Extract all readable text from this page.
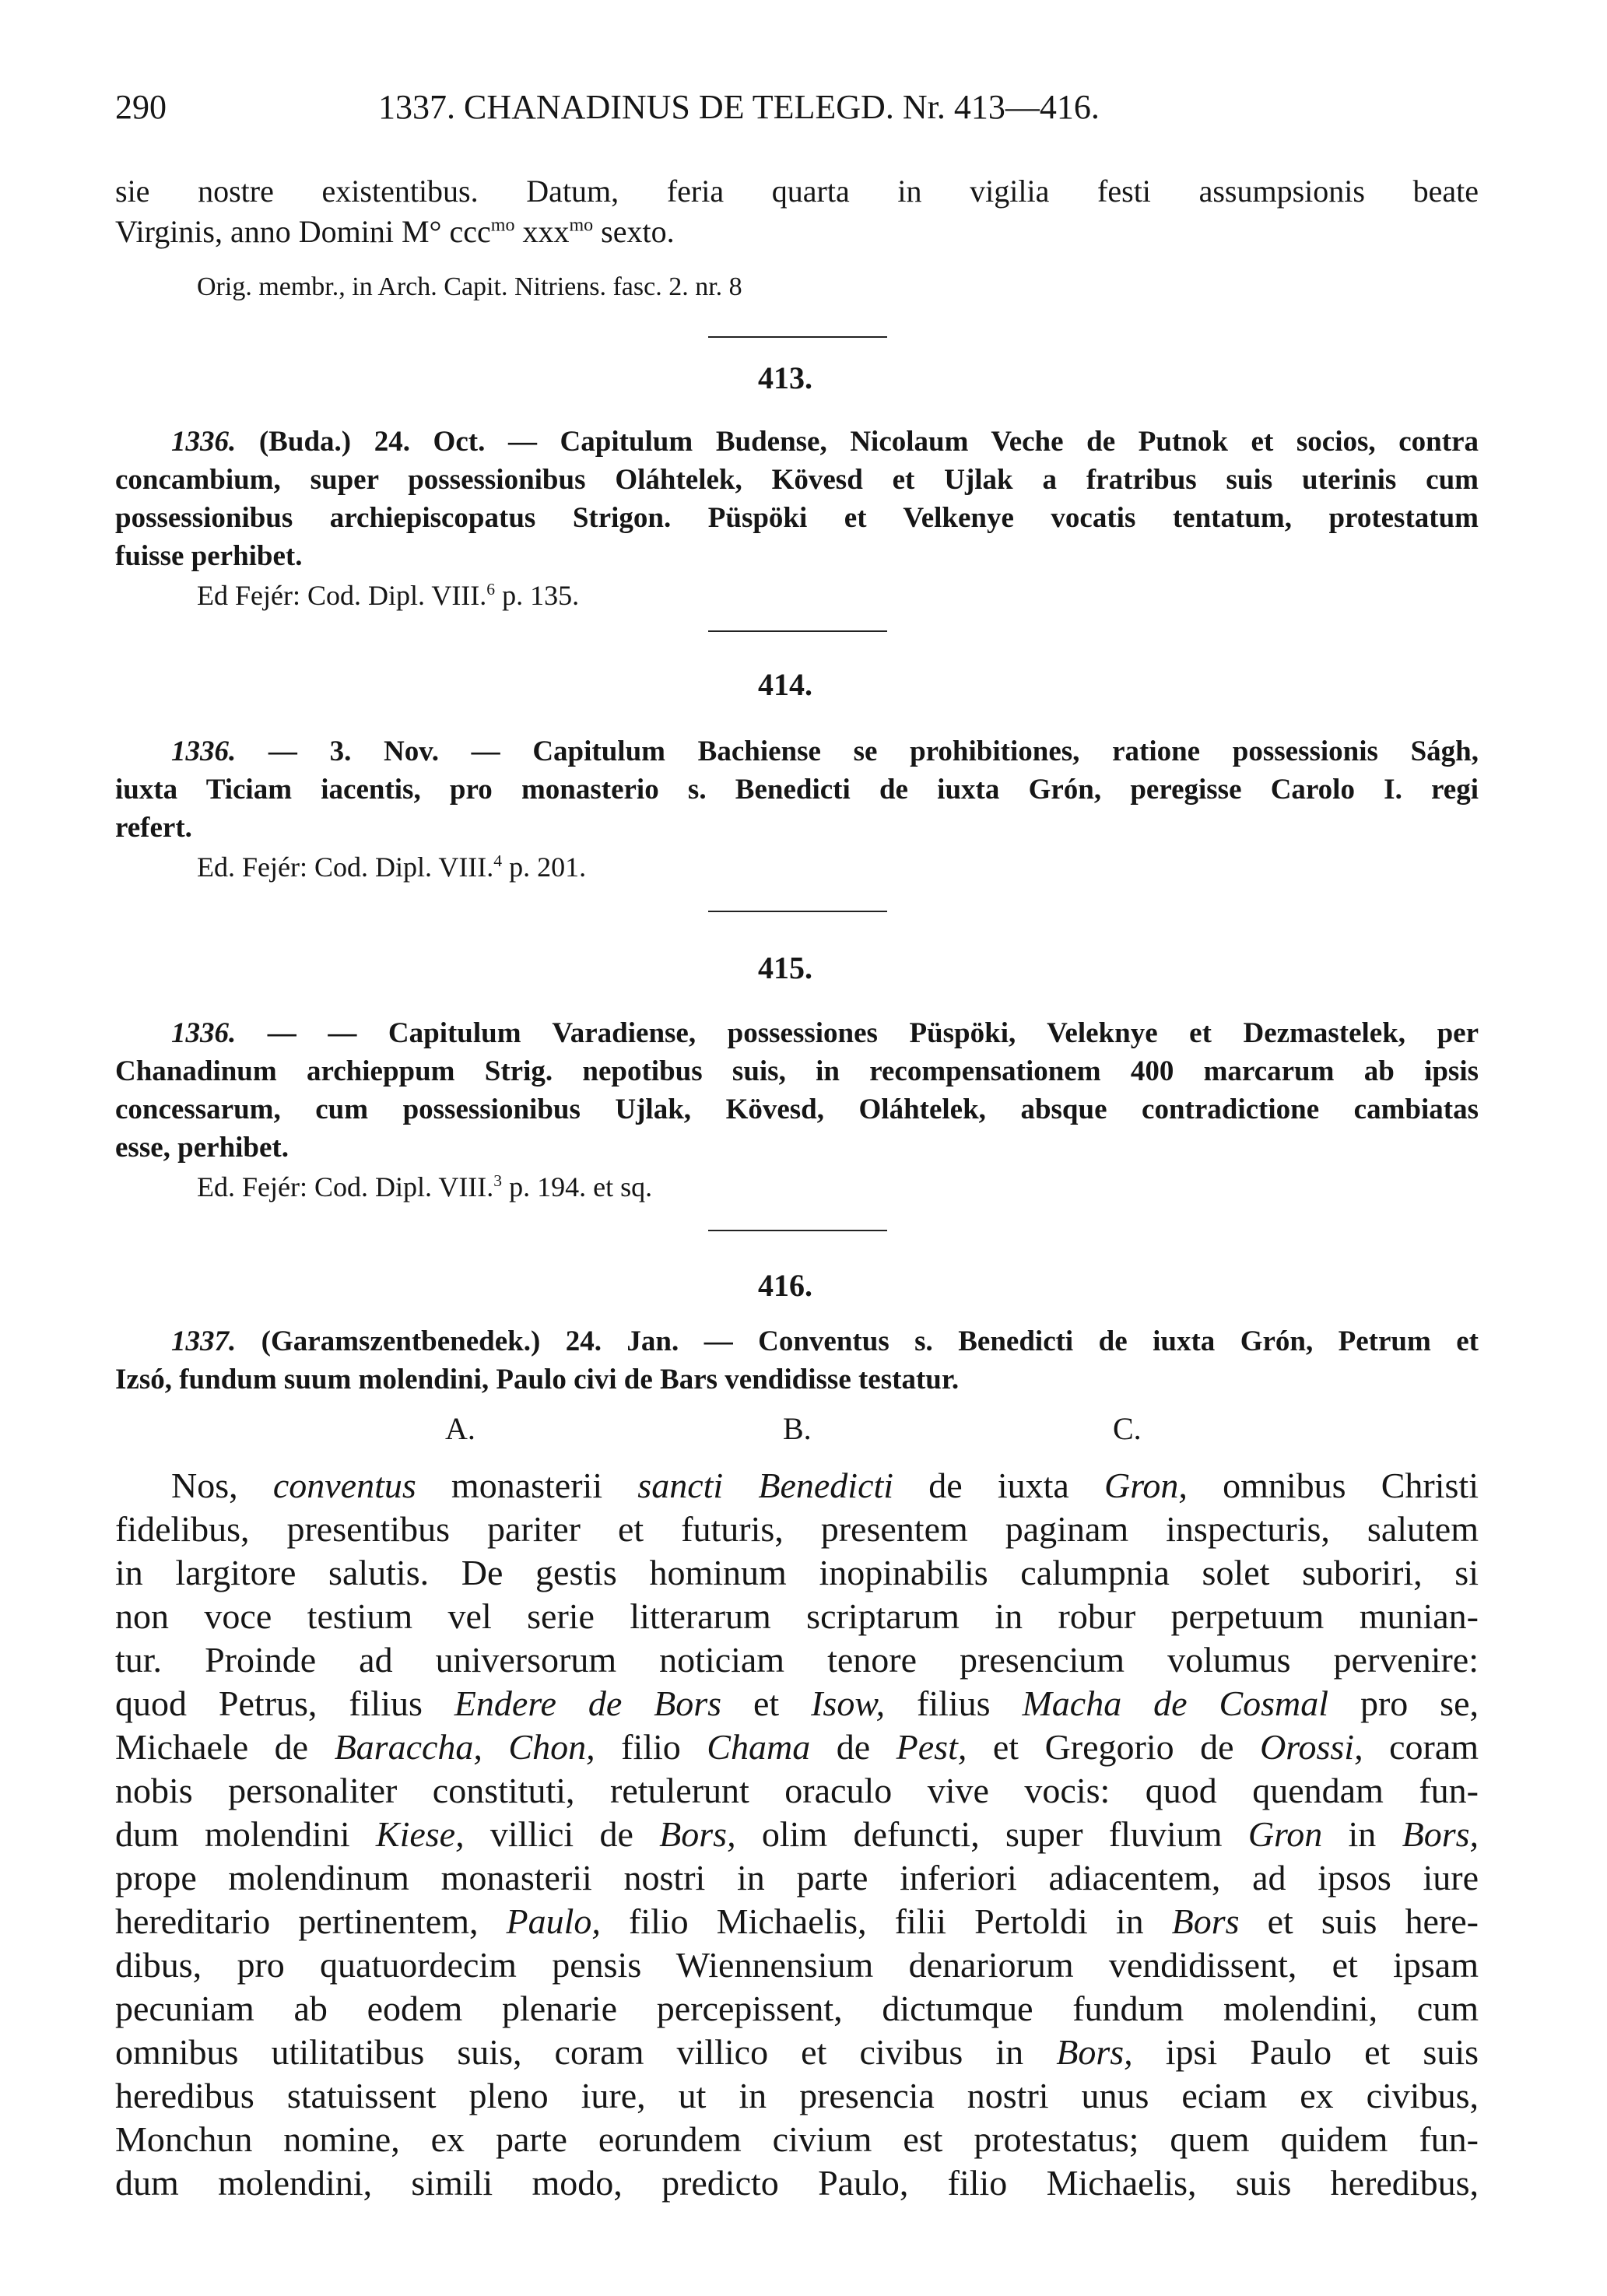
290	1337. CHANADINUS DE TELEGD. Nr. 413—416.
sie nostre existentibus. Datum, feria quarta in vigilia festi assumpsionis beate
Virginis, anno Domini M° ccc$^{mo}$ xxx$^{mo}$ sexto.
Orig. membr., in Arch. Capit. Nitriens. fasc. 2. nr. 8
413.
1336. (Buda.) 24. Oct. — Capitulum Budense, Nicolaum Veche de Putnok et socios, contra
concambium, super possessionibus Oláhtelek, Kövesd et Ujlak a fratribus suis uterinis cum
possessionibus archiepiscopatus Strigon. Püspöki et Velkenye vocatis tentatum, protestatum
fuisse perhibet.
Ed Fejér: Cod. Dipl. VIII.$^6$ p. 135.
414.
1336. — 3. Nov. — Capitulum Bachiense se prohibitiones, ratione possessionis Ságh,
iuxta Ticiam iacentis, pro monasterio s. Benedicti de iuxta Grón, peregisse Carolo I. regi
refert.
Ed. Fejér: Cod. Dipl. VIII.$^4$ p. 201.
415.
1336. — — Capitulum Varadiense, possessiones Püspöki, Veleknye et Dezmastelek, per
Chanadinum archieppum Strig. nepotibus suis, in recompensationem 400 marcarum ab ipsis
concessarum, cum possessionibus Ujlak, Kövesd, Oláhtelek, absque contradictione cambiatas
esse, perhibet.
Ed. Fejér: Cod. Dipl. VIII.$^3$ p. 194. et sq.
416.
1337. (Garamszentbenedek.) 24. Jan. — Conventus s. Benedicti de iuxta Grón, Petrum et
Izsó, fundum suum molendini, Paulo civi de Bars vendidisse testatur.
A.	B.	C.
Nos, conventus monasterii sancti Benedicti de iuxta Gron, omnibus Christi
fidelibus, presentibus pariter et futuris, presentem paginam inspecturis, salutem
in largitore salutis. De gestis hominum inopinabilis calumpnia solet suboriri, si
non voce testium vel serie litterarum scriptarum in robur perpetuum munian-
tur. Proinde ad universorum noticiam tenore presencium volumus pervenire:
quod Petrus, filius Endere de Bors et Isow, filius Macha de Cosmal pro se,
Michaele de Baraccha, Chon, filio Chama de Pest, et Gregorio de Orossi, coram
nobis personaliter constituti, retulerunt oraculo vive vocis: quod quendam fun-
dum molendini Kiese, villici de Bors, olim defuncti, super fluvium Gron in Bors,
prope molendinum monasterii nostri in parte inferiori adiacentem, ad ipsos iure
hereditario pertinentem, Paulo, filio Michaelis, filii Pertoldi in Bors et suis here-
dibus, pro quatuordecim pensis Wiennensium denariorum vendidissent, et ipsam
pecuniam ab eodem plenarie percepissent, dictumque fundum molendini, cum
omnibus utilitatibus suis, coram villico et civibus in Bors, ipsi Paulo et suis
heredibus statuissent pleno iure, ut in presencia nostri unus eciam ex civibus,
Monchun nomine, ex parte eorundem civium est protestatus; quem quidem fun-
dum molendini, simili modo, predicto Paulo, filio Michaelis, suis heredibus,
